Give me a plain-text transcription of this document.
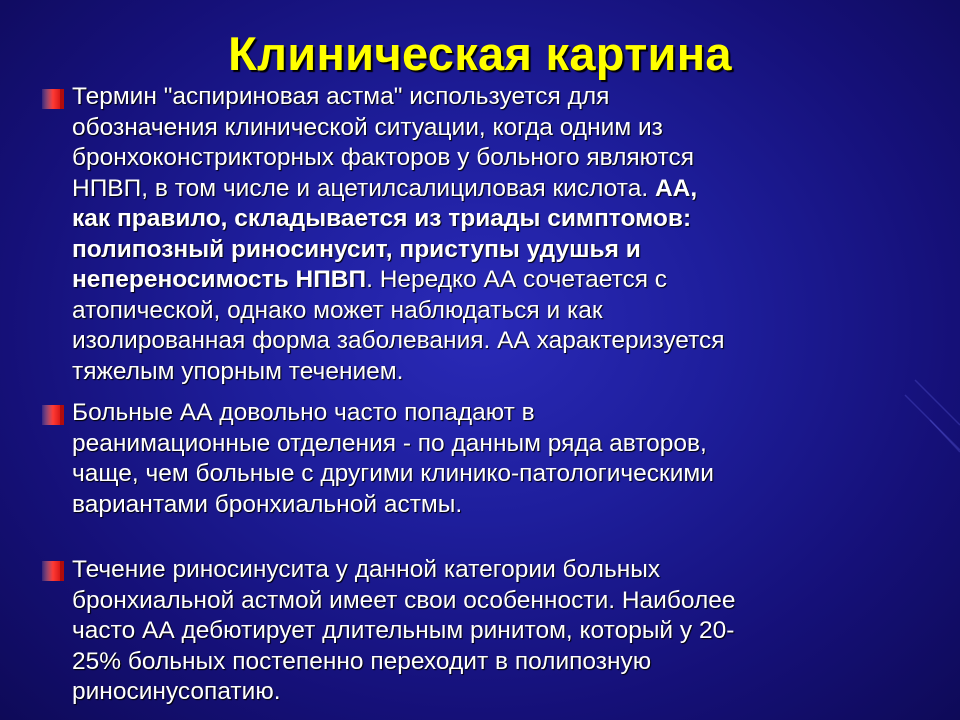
Клиническая картина

Термин "аспириновая астма" используется для
обозначения клинической ситуации, когда одним из
бронхоконстрикторных факторов у больного являются
НПВП, в том числе и ацетилсалициловая кислота. АА,
как правило, складывается из триады симптомов:
полипозный риносинусит, приступы удушья и
непереносимость НПВП. Нередко АА сочетается с
атопической, однако может наблюдаться и как
изолированная форма заболевания. АА характеризуется
тяжелым упорным течением.

Больные АА довольно часто попадают в
реанимационные отделения - по данным ряда авторов,
чаще, чем больные с другими клинико-патологическими
вариантами бронхиальной астмы.

Течение риносинусита у данной категории больных
бронхиальной астмой имеет свои особенности. Наиболее
часто АА дебютирует длительным ринитом, который у 20-
25% больных постепенно переходит в полипозную
риносинусопатию.
